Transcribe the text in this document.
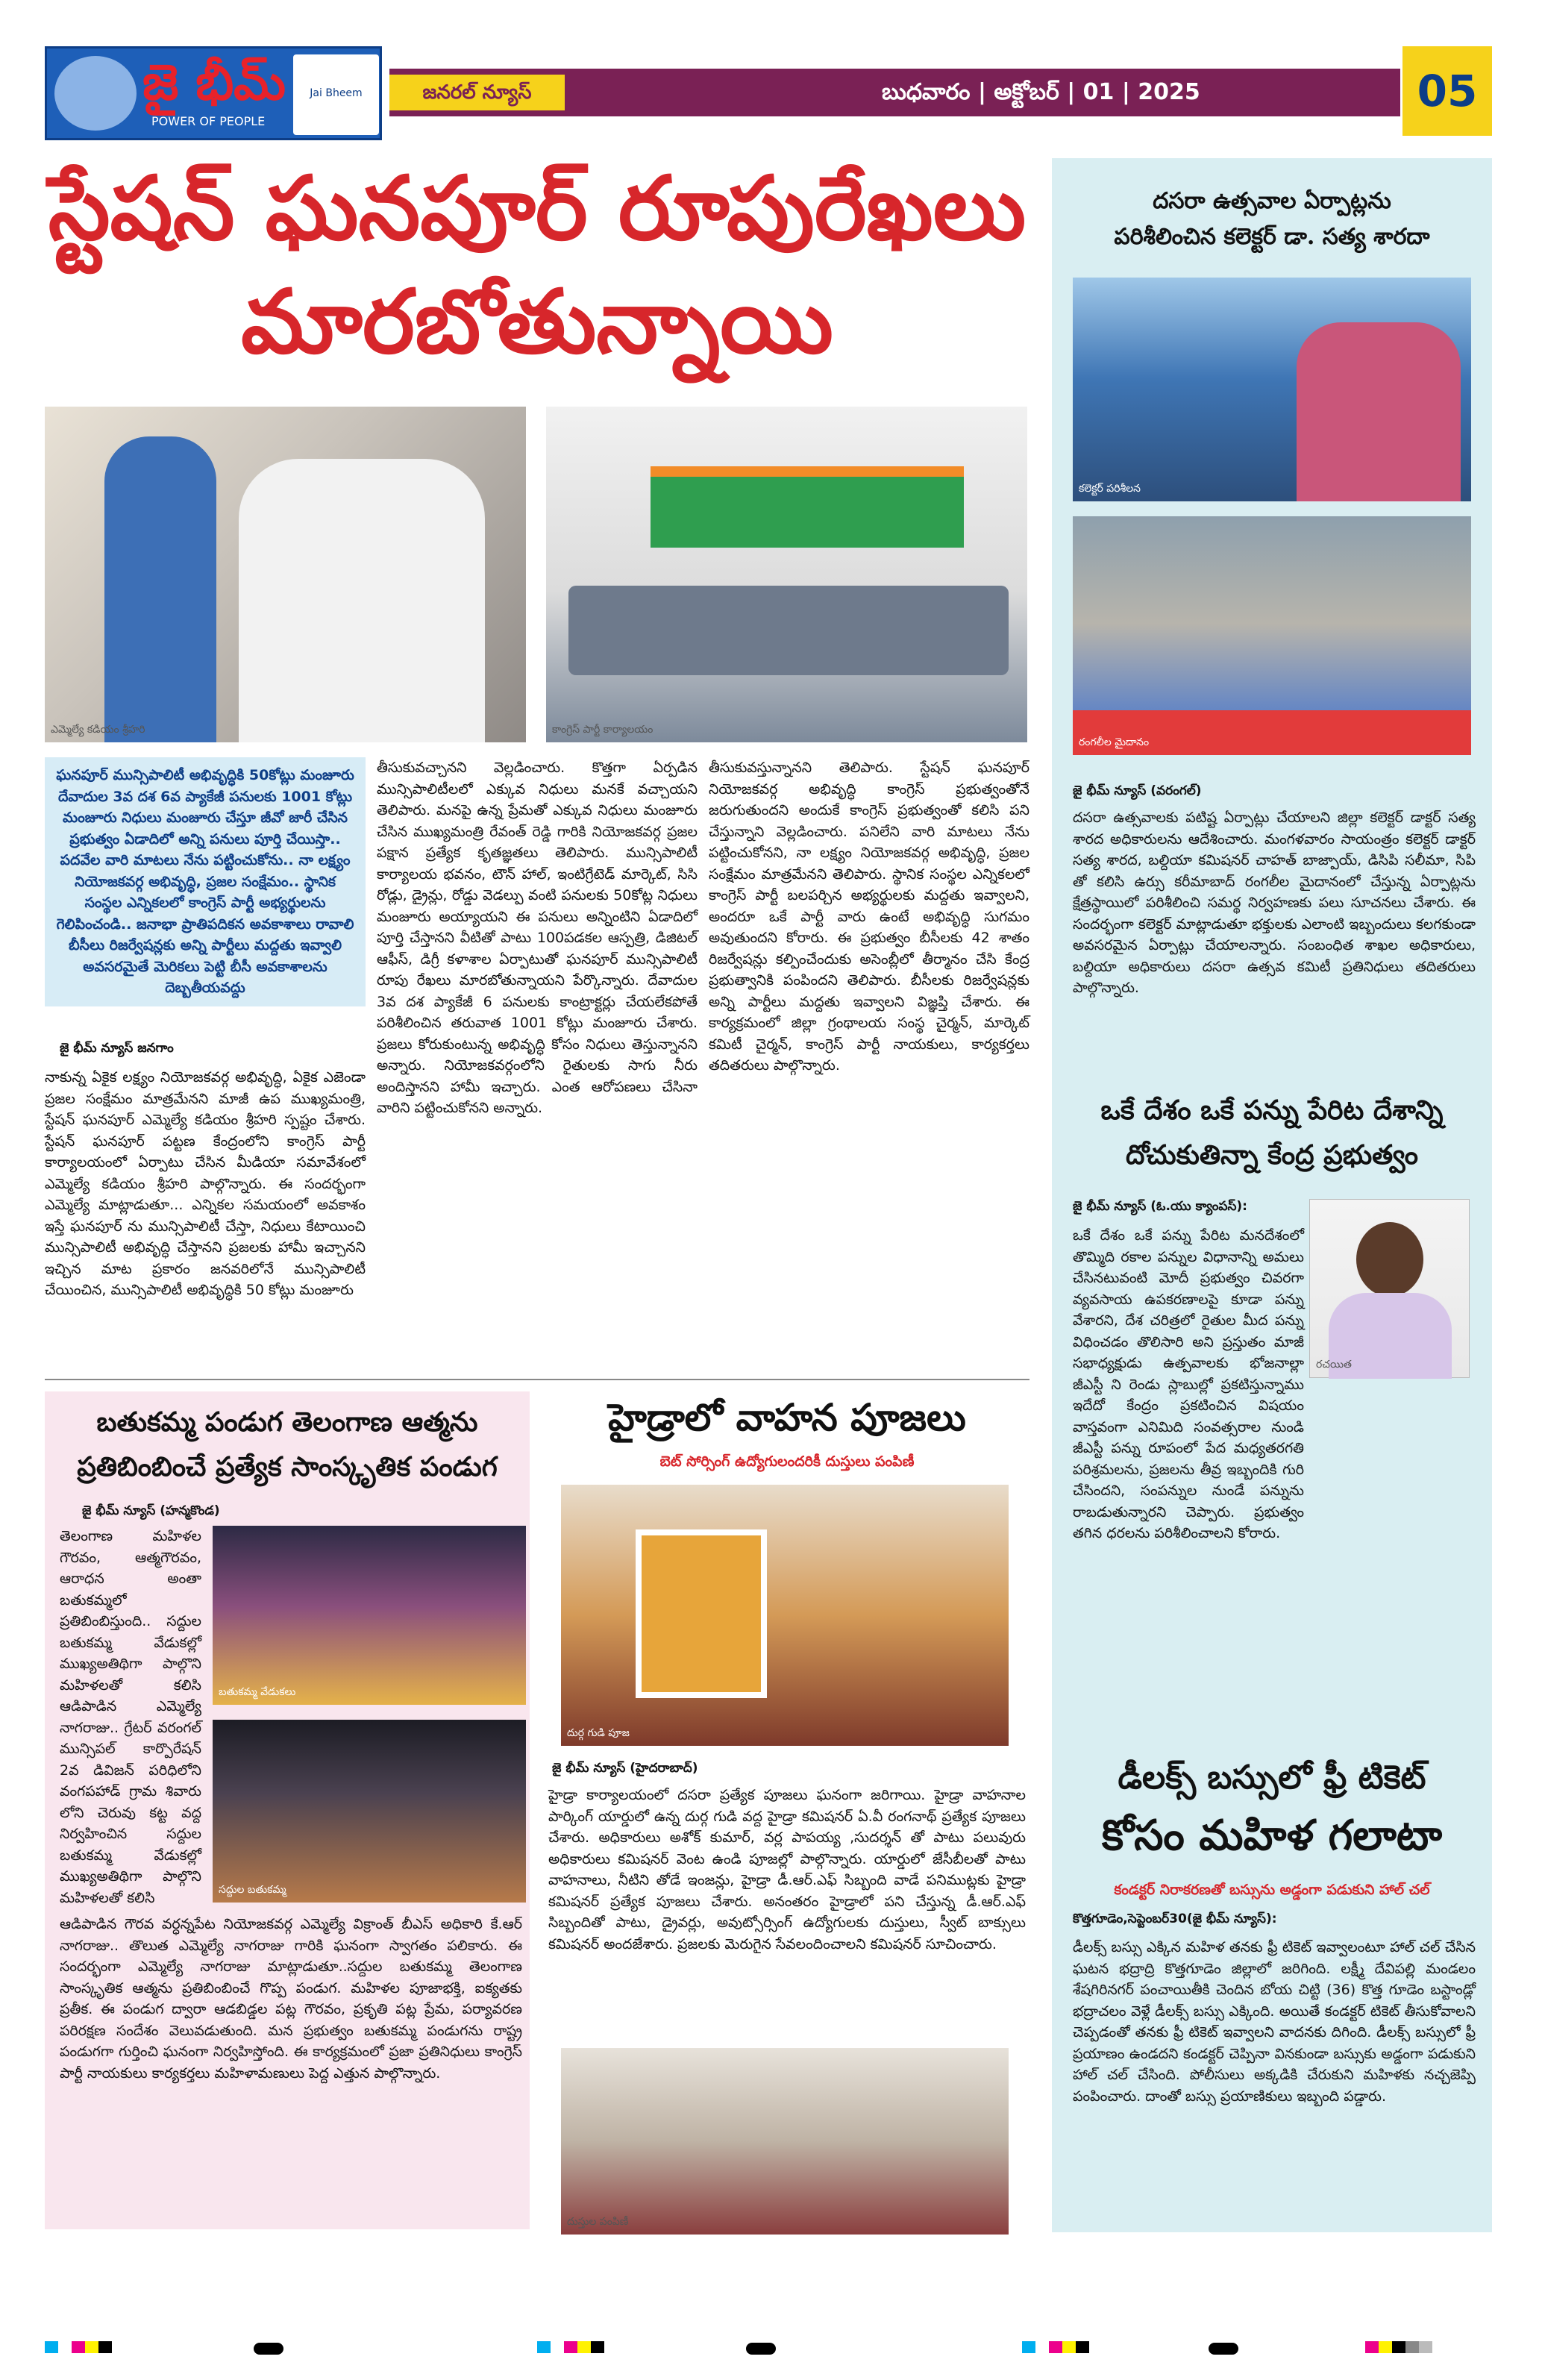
జై భీమ్
POWER OF PEOPLE
Jai Bheem	జనరల్ న్యూస్	బుధవారం | అక్టోబర్ | 01 | 2025	05
స్టేషన్ ఘనపూర్ రూపురేఖలు
మారబోతున్నాయి
ఎమ్మెల్యే కడియం శ్రీహరి	కాంగ్రెస్ పార్టీ కార్యాలయం
ఘనపూర్ మున్సిపాలిటీ అభివృద్ధికి 50కోట్లు మంజూరు దేవాదుల 3వ దశ 6వ ప్యాకేజీ పనులకు 1001 కోట్లు మంజూరు నిధులు మంజూరు చేస్తూ జీవో జారీ చేసిన ప్రభుత్వం ఏడాదిలో అన్ని పనులు పూర్తి చేయిస్తా.. పదవేల వారి మాటలు నేను పట్టించుకోను.. నా లక్ష్యం నియోజకవర్గ అభివృద్ధి, ప్రజల సంక్షేమం.. స్థానిక సంస్థల ఎన్నికలలో కాంగ్రెస్ పార్టీ అభ్యర్థులను గెలిపించండి.. జనాభా ప్రాతిపదికన అవకాశాలు రావాలి బీసీలు రిజర్వేషన్లకు అన్ని పార్టీలు మద్దతు ఇవ్వాలి అవసరమైతే మెరికలు పెట్టి బీసీ అవకాశాలను దెబ్బతీయవద్దు
జై భీమ్ న్యూస్ జనగాం
నాకున్న ఏకైక లక్ష్యం నియోజకవర్గ అభివృద్ధి, ఏకైక ఎజెండా ప్రజల సంక్షేమం మాత్రమేనని మాజీ ఉప ముఖ్యమంత్రి, స్టేషన్ ఘనపూర్ ఎమ్మెల్యే కడియం శ్రీహరి స్పష్టం చేశారు. స్టేషన్ ఘనపూర్ పట్టణ కేంద్రంలోని కాంగ్రెస్ పార్టీ కార్యాలయంలో ఏర్పాటు చేసిన మీడియా సమావేశంలో ఎమ్మెల్యే కడియం శ్రీహరి పాల్గొన్నారు. ఈ సందర్భంగా ఎమ్మెల్యే మాట్లాడుతూ... ఎన్నికల సమయంలో అవకాశం ఇస్తే ఘనపూర్ ను మున్సిపాలిటీ చేస్తా, నిధులు కేటాయించి మున్సిపాలిటీ అభివృద్ధి చేస్తానని ప్రజలకు హామీ ఇచ్చానని ఇచ్చిన మాట ప్రకారం జనవరిలోనే మున్సిపాలిటీ చేయించిన, మున్సిపాలిటీ అభివృద్ధికి 50 కోట్లు మంజూరు
తీసుకువచ్చానని వెల్లడించారు. కొత్తగా ఏర్పడిన మున్సిపాలిటీలలో ఎక్కువ నిధులు మనకే వచ్చాయని తెలిపారు. మనపై ఉన్న ప్రేమతో ఎక్కువ నిధులు మంజూరు చేసిన ముఖ్యమంత్రి రేవంత్ రెడ్డి గారికి నియోజకవర్గ ప్రజల పక్షాన ప్రత్యేక కృతజ్ఞతలు తెలిపారు. మున్సిపాలిటీ కార్యాలయ భవనం, టౌన్ హాల్, ఇంటిగ్రేటెడ్ మార్కెట్, సిసి రోడ్లు, డ్రైన్లు, రోడ్డు వెడల్పు వంటి పనులకు 50కోట్ల నిధులు మంజూరు అయ్యాయని ఈ పనులు అన్నింటిని ఏడాదిలో పూర్తి చేస్తానని వీటితో పాటు 100పడకల ఆస్పత్రి, డిజిటల్ ఆఫీస్, డిగ్రీ కళాశాల ఏర్పాటుతో ఘనపూర్ మున్సిపాలిటీ రూపు రేఖలు మారబోతున్నాయని పేర్కొన్నారు. దేవాదుల 3వ దశ ప్యాకేజీ 6 పనులకు కాంట్రాక్టర్లు చేయలేకపోతే పరిశీలించిన తరువాత 1001 కోట్లు మంజూరు చేశారు. ప్రజలు కోరుకుంటున్న అభివృద్ధి కోసం నిధులు తెస్తున్నానని అన్నారు. నియోజకవర్గంలోని రైతులకు సాగు నీరు అందిస్తానని హామీ ఇచ్చారు. ఎంత ఆరోపణలు చేసినా వారిని పట్టించుకోనని అన్నారు.
తీసుకువస్తున్నానని తెలిపారు. స్టేషన్ ఘనపూర్ నియోజకవర్గ అభివృద్ధి కాంగ్రెస్ ప్రభుత్వంతోనే జరుగుతుందని అందుకే కాంగ్రెస్ ప్రభుత్వంతో కలిసి పని చేస్తున్నాని వెల్లడించారు. పనిలేని వారి మాటలు నేను పట్టించుకోనని, నా లక్ష్యం నియోజకవర్గ అభివృద్ధి, ప్రజల సంక్షేమం మాత్రమేనని తెలిపారు. స్థానిక సంస్థల ఎన్నికలలో కాంగ్రెస్ పార్టీ బలపర్చిన అభ్యర్థులకు మద్దతు ఇవ్వాలని, అందరూ ఒకే పార్టీ వారు ఉంటే అభివృద్ధి సుగమం అవుతుందని కోరారు. ఈ ప్రభుత్వం బీసీలకు 42 శాతం రిజర్వేషన్లు కల్పించేందుకు అసెంబ్లీలో తీర్మానం చేసి కేంద్ర ప్రభుత్వానికి పంపిందని తెలిపారు. బీసీలకు రిజర్వేషన్లకు అన్ని పార్టీలు మద్దతు ఇవ్వాలని విజ్ఞప్తి చేశారు. ఈ కార్యక్రమంలో జిల్లా గ్రంథాలయ సంస్థ చైర్మన్, మార్కెట్ కమిటీ చైర్మన్, కాంగ్రెస్ పార్టీ నాయకులు, కార్యకర్తలు తదితరులు పాల్గొన్నారు.
దసరా ఉత్సవాల ఏర్పాట్లను
పరిశీలించిన కలెక్టర్ డా. సత్య శారదా
కలెక్టర్ పరిశీలన
రంగలీల మైదానం
జై భీమ్ న్యూస్ (వరంగల్)
దసరా ఉత్సవాలకు పటిష్ట ఏర్పాట్లు చేయాలని జిల్లా కలెక్టర్ డాక్టర్ సత్య శారద అధికారులను ఆదేశించారు. మంగళవారం సాయంత్రం కలెక్టర్ డాక్టర్ సత్య శారద, బల్దియా కమిషనర్ చాహత్ బాజ్పాయ్, డిసిపి సలీమా, సిపి తో కలిసి ఉర్సు కరీమాబాద్ రంగలీల మైదానంలో చేస్తున్న ఏర్పాట్లను క్షేత్రస్థాయిలో పరిశీలించి సమర్థ నిర్వహణకు పలు సూచనలు చేశారు. ఈ సందర్భంగా కలెక్టర్ మాట్లాడుతూ భక్తులకు ఎలాంటి ఇబ్బందులు కలగకుండా అవసరమైన ఏర్పాట్లు చేయాలన్నారు. సంబంధిత శాఖల అధికారులు, బల్దియా అధికారులు దసరా ఉత్సవ కమిటీ ప్రతినిధులు తదితరులు పాల్గొన్నారు.
ఒకే దేశం ఒకే పన్ను పేరిట దేశాన్ని
దోచుకుతిన్నా కేంద్ర ప్రభుత్వం
జై భీమ్ న్యూస్ (ఓ.యు క్యాంపస్):
రచయిత
ఒకే దేశం ఒకే పన్ను పేరిట మనదేశంలో తొమ్మిది రకాల పన్నుల విధానాన్ని అమలు చేసినటువంటి మోదీ ప్రభుత్వం చివరగా వ్యవసాయ ఉపకరణాలపై కూడా పన్ను వేశారని, దేశ చరిత్రలో రైతుల మీద పన్ను విధించడం తొలిసారి అని ప్రస్తుతం మాజీ సభాధ్యక్షుడు ఉత్పవాలకు భోజనాల్లా జీఎస్టీ ని రెండు స్లాబుల్లో ప్రకటిస్తున్నాము ఇదేదో కేంద్రం ప్రకటించిన విషయం వాస్తవంగా ఎనిమిది సంవత్సరాల నుండి జీఎస్టీ పన్ను రూపంలో పేద మధ్యతరగతి పరిశ్రమలను, ప్రజలను తీవ్ర ఇబ్బందికి గురి చేసిందని, సంపన్నుల నుండే పన్నును రాబడుతున్నారని చెప్పారు. ప్రభుత్వం తగిన ధరలను పరిశీలించాలని కోరారు.
డీలక్స్ బస్సులో ఫ్రీ టికెట్
కోసం మహిళ గలాటా
కండక్టర్ నిరాకరణతో బస్సును అడ్డంగా పడుకుని హాల్ చల్
కొత్తగూడెం,సెప్టెంబర్30(జై భీమ్ న్యూస్):
డీలక్స్ బస్సు ఎక్కిన మహిళ తనకు ఫ్రీ టికెట్ ఇవ్వాలంటూ హాల్ చల్ చేసిన ఘటన భద్రాద్రి కొత్తగూడెం జిల్లాలో జరిగింది. లక్ష్మీ దేవిపల్లి మండలం శేషగిరినగర్ పంచాయితీకి చెందిన బోయ చిట్టి (36) కొత్త గూడెం బస్టాండ్లో భద్రాచలం వెళ్లే డీలక్స్ బస్సు ఎక్కింది. అయితే కండక్టర్ టికెట్ తీసుకోవాలని చెప్పడంతో తనకు ఫ్రీ టికెట్ ఇవ్వాలని వాదనకు దిగింది. డీలక్స్ బస్సులో ఫ్రీ ప్రయాణం ఉండదని కండక్టర్ చెప్పినా వినకుండా బస్సుకు అడ్డంగా పడుకుని హాల్ చల్ చేసింది. పోలీసులు అక్కడికి చేరుకుని మహిళకు నచ్చజెప్పి పంపించారు. దాంతో బస్సు ప్రయాణికులు ఇబ్బంది పడ్డారు.
బతుకమ్మ పండుగ తెలంగాణ ఆత్మను
ప్రతిబింబించే ప్రత్యేక సాంస్కృతిక పండుగ
జై భీమ్ న్యూస్ (హన్మకొండ)
తెలంగాణ మహిళల గౌరవం, ఆత్మగౌరవం, ఆరాధన అంతా బతుకమ్మలో ప్రతిబింబిస్తుంది.. సద్దుల బతుకమ్మ వేడుకల్లో ముఖ్యఅతిథిగా పాల్గొని మహిళలతో కలిసి ఆడిపాడిన ఎమ్మెల్యే నాగరాజు.. గ్రేటర్ వరంగల్ మున్సిపల్ కార్పొరేషన్ 2వ డివిజన్ పరిధిలోని వంగపహాడ్ గ్రామ శివారు లోని చెరువు కట్ట వద్ద నిర్వహించిన సద్దుల బతుకమ్మ వేడుకల్లో ముఖ్యఅతిథిగా పాల్గొని మహిళలతో కలిసి
బతుకమ్మ వేడుకలు
సద్దుల బతుకమ్మ
ఆడిపాడిన గౌరవ వర్ధన్నపేట నియోజకవర్గ ఎమ్మెల్యే విక్రాంత్ బీఎస్ అధికారి కే.ఆర్ నాగరాజు.. తొలుత ఎమ్మెల్యే నాగరాజు గారికి ఘనంగా స్వాగతం పలికారు. ఈ సందర్భంగా ఎమ్మెల్యే నాగరాజు మాట్లాడుతూ..సద్దుల బతుకమ్మ తెలంగాణ సాంస్కృతిక ఆత్మను ప్రతిబింబించే గొప్ప పండుగ. మహిళల పూజాభక్తి, ఐక్యతకు ప్రతీక. ఈ పండుగ ద్వారా ఆడబిడ్డల పట్ల గౌరవం, ప్రకృతి పట్ల ప్రేమ, పర్యావరణ పరిరక్షణ సందేశం వెలువడుతుంది. మన ప్రభుత్వం బతుకమ్మ పండుగను రాష్ట్ర పండుగగా గుర్తించి ఘనంగా నిర్వహిస్తోంది. ఈ కార్యక్రమంలో ప్రజా ప్రతినిధులు కాంగ్రెస్ పార్టీ నాయకులు కార్యకర్తలు మహిళామణులు పెద్ద ఎత్తున పాల్గొన్నారు.
హైడ్రాలో వాహన పూజలు
బెట్ సోర్సింగ్ ఉద్యోగులందరికీ దుస్తులు పంపిణీ
దుర్గ గుడి పూజ
జై భీమ్ న్యూస్ (హైదరాబాద్)
హైడ్రా కార్యాలయంలో దసరా ప్రత్యేక పూజలు ఘనంగా జరిగాయి. హైడ్రా వాహనాల పార్కింగ్ యార్డులో ఉన్న దుర్గ గుడి వద్ద హైడ్రా కమిషనర్ ఏ.వీ రంగనాథ్ ప్రత్యేక పూజలు చేశారు. అధికారులు అశోక్ కుమార్, వర్ల పాపయ్య ,సుదర్శన్ తో పాటు పలువురు అధికారులు కమిషనర్ వెంట ఉండి పూజల్లో పాల్గొన్నారు. యార్డులో జేసీబీలతో పాటు వాహనాలు, నీటిని తోడే ఇంజన్లు, హైడ్రా డీ.ఆర్.ఎఫ్ సిబ్బంది వాడే పనిముట్లకు హైడ్రా కమిషనర్ ప్రత్యేక పూజలు చేశారు. అనంతరం హైడ్రాలో పని చేస్తున్న డీ.ఆర్.ఎఫ్ సిబ్బందితో పాటు, డ్రైవర్లు, అవుట్సోర్సింగ్ ఉద్యోగులకు దుస్తులు, స్వీట్ బాక్సులు కమిషనర్ అందజేశారు. ప్రజలకు మెరుగైన సేవలందించాలని కమిషనర్ సూచించారు.
దుస్తుల పంపిణీ
